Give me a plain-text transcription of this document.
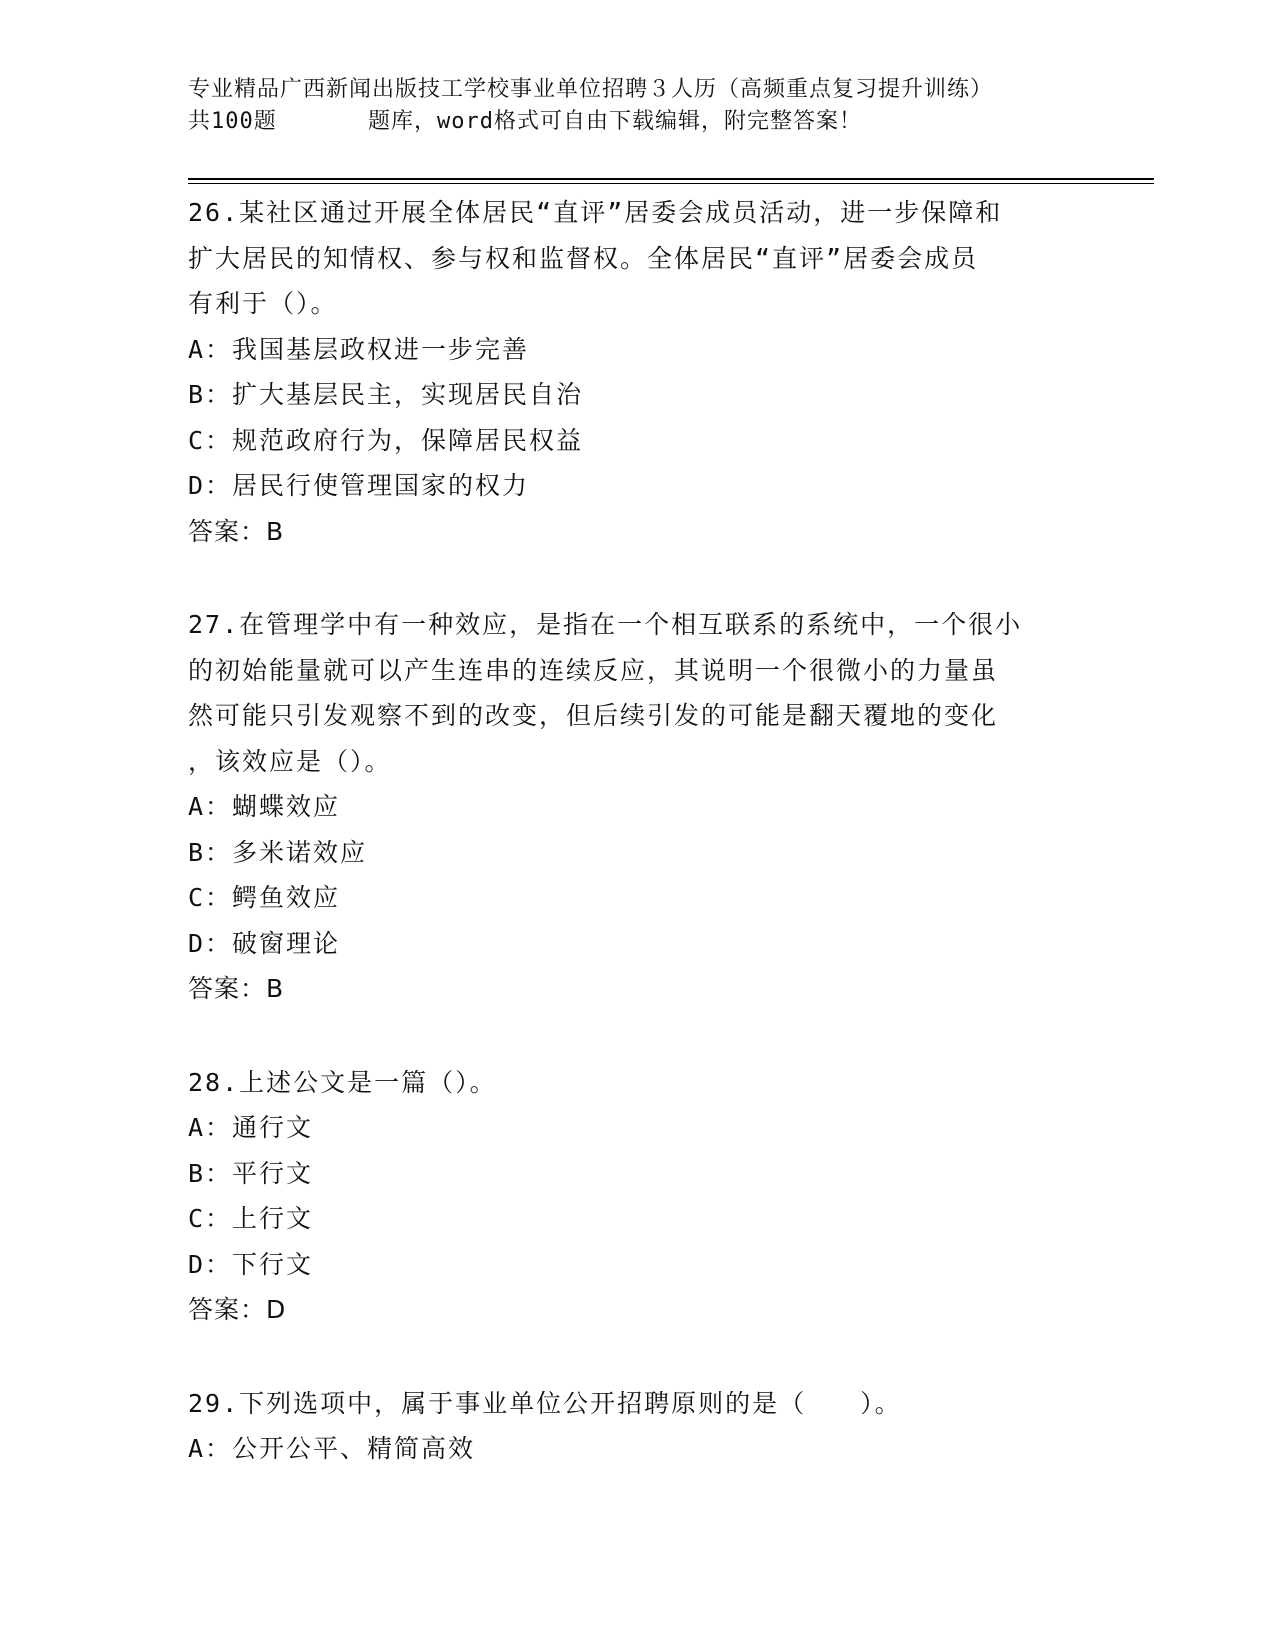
专业精品广西新闻出版技工学校事业单位招聘３人历（高频重点复习提升训练）
共100题	题库，word格式可自由下载编辑，附完整答案！

26.某社区通过开展全体居民“直评”居委会成员活动，进一步保障和

扩大居民的知情权、参与权和监督权。全体居民“直评”居委会成员

有利于（）。

A：我国基层政权进一步完善

B：扩大基层民主，实现居民自治

C：规范政府行为，保障居民权益

D：居民行使管理国家的权力

答案：B

27.在管理学中有一种效应，是指在一个相互联系的系统中，一个很小

的初始能量就可以产生连串的连续反应，其说明一个很微小的力量虽

然可能只引发观察不到的改变，但后续引发的可能是翻天覆地的变化

，该效应是（）。

A：蝴蝶效应

B：多米诺效应

C：鳄鱼效应

D：破窗理论

答案：B

28.上述公文是一篇（）。

A：通行文

B：平行文

C：上行文

D：下行文

答案：D

29.下列选项中，属于事业单位公开招聘原则的是（　　）。

A：公开公平、精简高效
